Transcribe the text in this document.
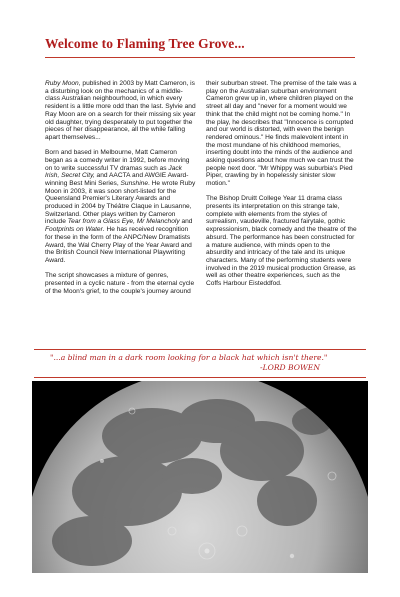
Welcome to Flaming Tree Grove...

Ruby Moon, published in 2003 by Matt Cameron, is a disturbing look on the mechanics of a middle-class Australian neighbourhood, in which every resident is a little more odd than the last. Sylvie and Ray Moon are on a search for their missing six year old daughter, trying desperately to put together the pieces of her disappearance, all the while falling apart themselves...

Born and based in Melbourne, Matt Cameron began as a comedy writer in 1992, before moving on to write successful TV dramas such as Jack Irish, Secret City, and AACTA and AWGIE Award-winning Best Mini Series, Sunshine. He wrote Ruby Moon in 2003, it was soon short-listed for the Queensland Premier's Literary Awards and produced in 2004 by Théâtre Claque in Lausanne, Switzerland. Other plays written by Cameron include Tear from a Glass Eye, Mr Melancholy and Footprints on Water. He has received recognition for these in the form of the ANPC/New Dramatists Award, the Wal Cherry Play of the Year Award and the British Council New International Playwriting Award.

The script showcases a mixture of genres, presented in a cyclic nature - from the eternal cycle of the Moon's grief, to the couple's journey around

their suburban street. The premise of the tale was a play on the Australian suburban environment Cameron grew up in, where children played on the street all day and "never for a moment would we think that the child might not be coming home." In the play, he describes that "Innocence is corrupted and our world is distorted, with even the benign rendered ominous." He finds malevolent intent in the most mundane of his childhood memories, inserting doubt into the minds of the audience and asking questions about how much we can trust the people next door. "Mr Whippy was suburbia's Pied Piper, crawling by in hopelessly sinister slow motion."

The Bishop Druitt College Year 11 drama class presents its interpretation on this strange tale, complete with elements from the styles of surrealism, vaudeville, fractured fairytale, gothic expressionism, black comedy and the theatre of the absurd. The performance has been constructed for a mature audience, with minds open to the absurdity and intricacy of the tale and its unique characters. Many of the performing students were involved in the 2019 musical production Grease, as well as other theatre experiences, such as the Coffs Harbour Eisteddfod.

"...a blind man in a dark room looking for a black hat which isn't there."
-LORD BOWEN
